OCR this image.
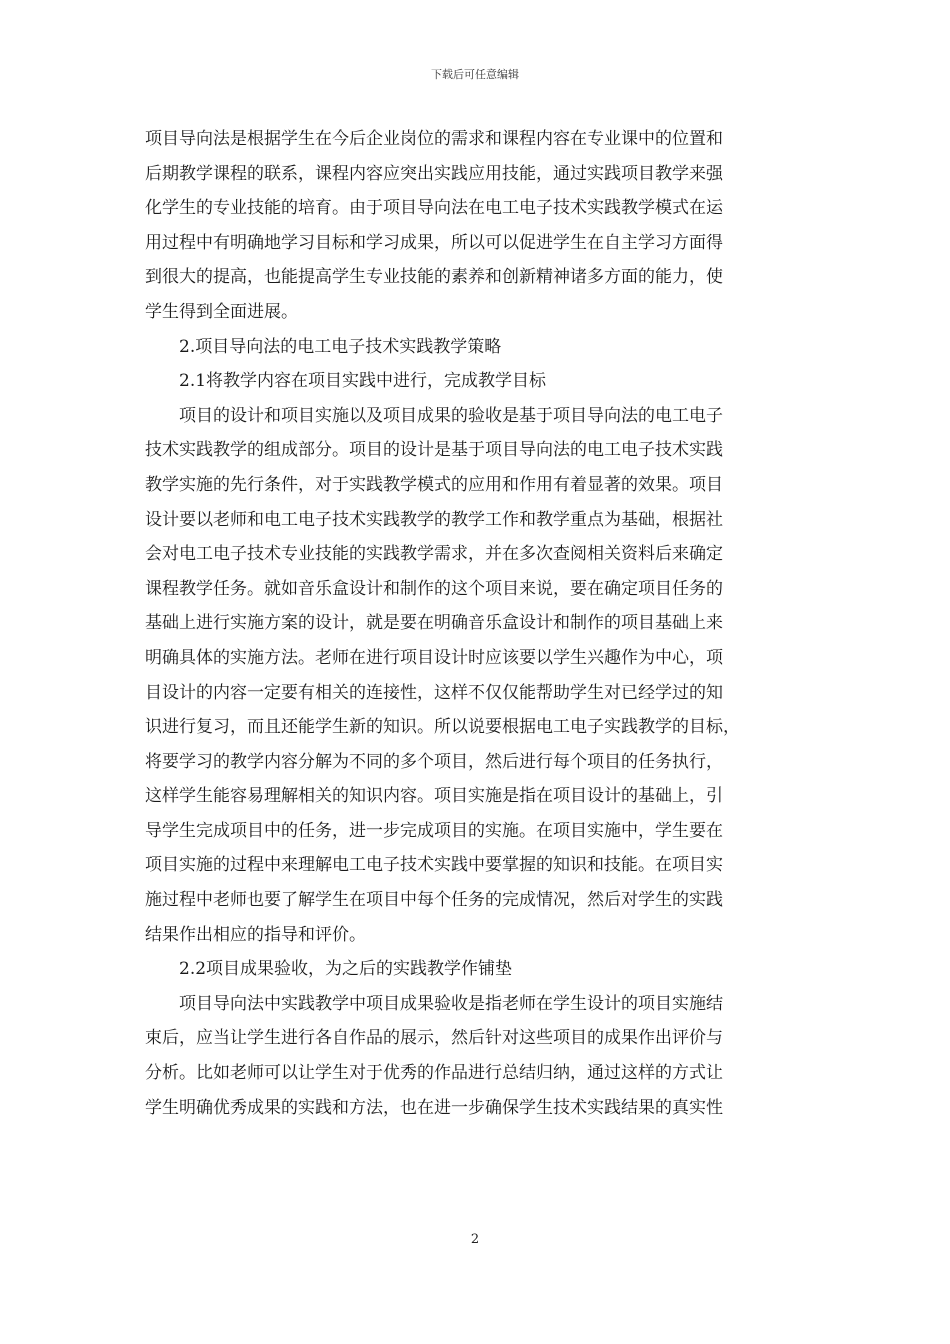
下载后可任意编辑
项目导向法是根据学生在今后企业岗位的需求和课程内容在专业课中的位置和
后期教学课程的联系，课程内容应突出实践应用技能，通过实践项目教学来强
化学生的专业技能的培育。由于项目导向法在电工电子技术实践教学模式在运
用过程中有明确地学习目标和学习成果，所以可以促进学生在自主学习方面得
到很大的提高，也能提高学生专业技能的素养和创新精神诸多方面的能力，使
学生得到全面进展。
2.项目导向法的电工电子技术实践教学策略
2.1将教学内容在项目实践中进行，完成教学目标
项目的设计和项目实施以及项目成果的验收是基于项目导向法的电工电子
技术实践教学的组成部分。项目的设计是基于项目导向法的电工电子技术实践
教学实施的先行条件，对于实践教学模式的应用和作用有着显著的效果。项目
设计要以老师和电工电子技术实践教学的教学工作和教学重点为基础，根据社
会对电工电子技术专业技能的实践教学需求，并在多次查阅相关资料后来确定
课程教学任务。就如音乐盒设计和制作的这个项目来说，要在确定项目任务的
基础上进行实施方案的设计，就是要在明确音乐盒设计和制作的项目基础上来
明确具体的实施方法。老师在进行项目设计时应该要以学生兴趣作为中心，项
目设计的内容一定要有相关的连接性，这样不仅仅能帮助学生对已经学过的知
识进行复习，而且还能学生新的知识。所以说要根据电工电子实践教学的目标，
将要学习的教学内容分解为不同的多个项目，然后进行每个项目的任务执行，
这样学生能容易理解相关的知识内容。项目实施是指在项目设计的基础上，引
导学生完成项目中的任务，进一步完成项目的实施。在项目实施中，学生要在
项目实施的过程中来理解电工电子技术实践中要掌握的知识和技能。在项目实
施过程中老师也要了解学生在项目中每个任务的完成情况，然后对学生的实践
结果作出相应的指导和评价。
2.2项目成果验收，为之后的实践教学作铺垫
项目导向法中实践教学中项目成果验收是指老师在学生设计的项目实施结
束后，应当让学生进行各自作品的展示，然后针对这些项目的成果作出评价与
分析。比如老师可以让学生对于优秀的作品进行总结归纳，通过这样的方式让
学生明确优秀成果的实践和方法，也在进一步确保学生技术实践结果的真实性
2
